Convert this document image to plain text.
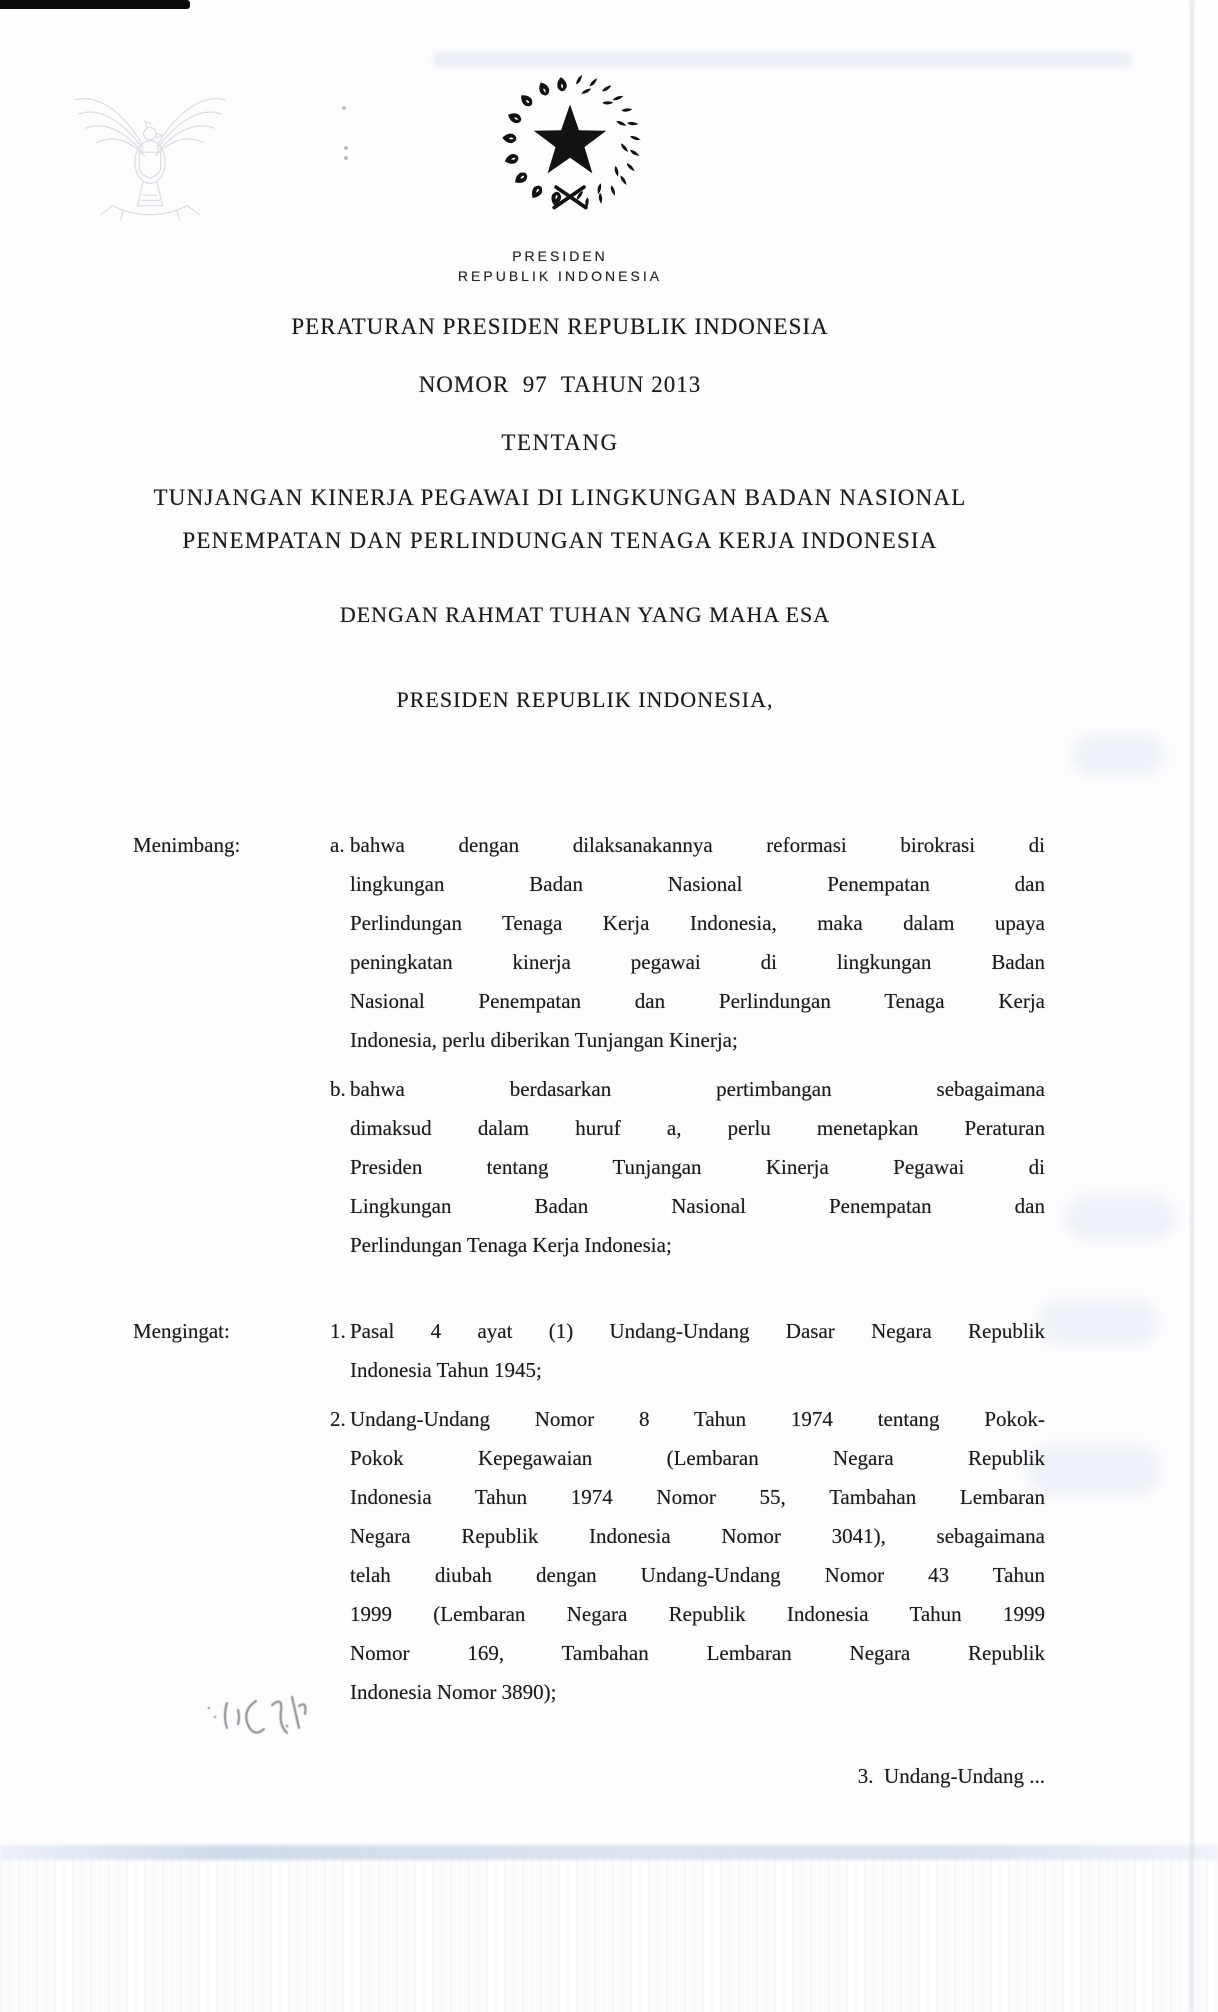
PRESIDEN
REPUBLIK INDONESIA
PERATURAN PRESIDEN REPUBLIK INDONESIA
NOMOR  97  TAHUN 2013
TENTANG
TUNJANGAN KINERJA PEGAWAI DI LINGKUNGAN BADAN NASIONAL
PENEMPATAN DAN PERLINDUNGAN TENAGA KERJA INDONESIA
DENGAN RAHMAT TUHAN YANG MAHA ESA
PRESIDEN REPUBLIK INDONESIA,
Menimbang:	a. bahwa dengan dilaksanakannya reformasi birokrasi di
lingkungan Badan Nasional Penempatan dan
Perlindungan Tenaga Kerja Indonesia, maka dalam upaya
peningkatan kinerja pegawai di lingkungan Badan
Nasional Penempatan dan Perlindungan Tenaga Kerja
Indonesia, perlu diberikan Tunjangan Kinerja;
b. bahwa berdasarkan pertimbangan sebagaimana
dimaksud dalam huruf a, perlu menetapkan Peraturan
Presiden tentang Tunjangan Kinerja Pegawai di
Lingkungan Badan Nasional Penempatan dan
Perlindungan Tenaga Kerja Indonesia;
Mengingat:	1. Pasal 4 ayat (1) Undang-Undang Dasar Negara Republik
Indonesia Tahun 1945;
2. Undang-Undang Nomor 8 Tahun 1974 tentang Pokok-
Pokok Kepegawaian (Lembaran Negara Republik
Indonesia Tahun 1974 Nomor 55, Tambahan Lembaran
Negara Republik Indonesia Nomor 3041), sebagaimana
telah diubah dengan Undang-Undang Nomor 43 Tahun
1999 (Lembaran Negara Republik Indonesia Tahun 1999
Nomor 169, Tambahan Lembaran Negara Republik
Indonesia Nomor 3890);
3.  Undang-Undang ...
